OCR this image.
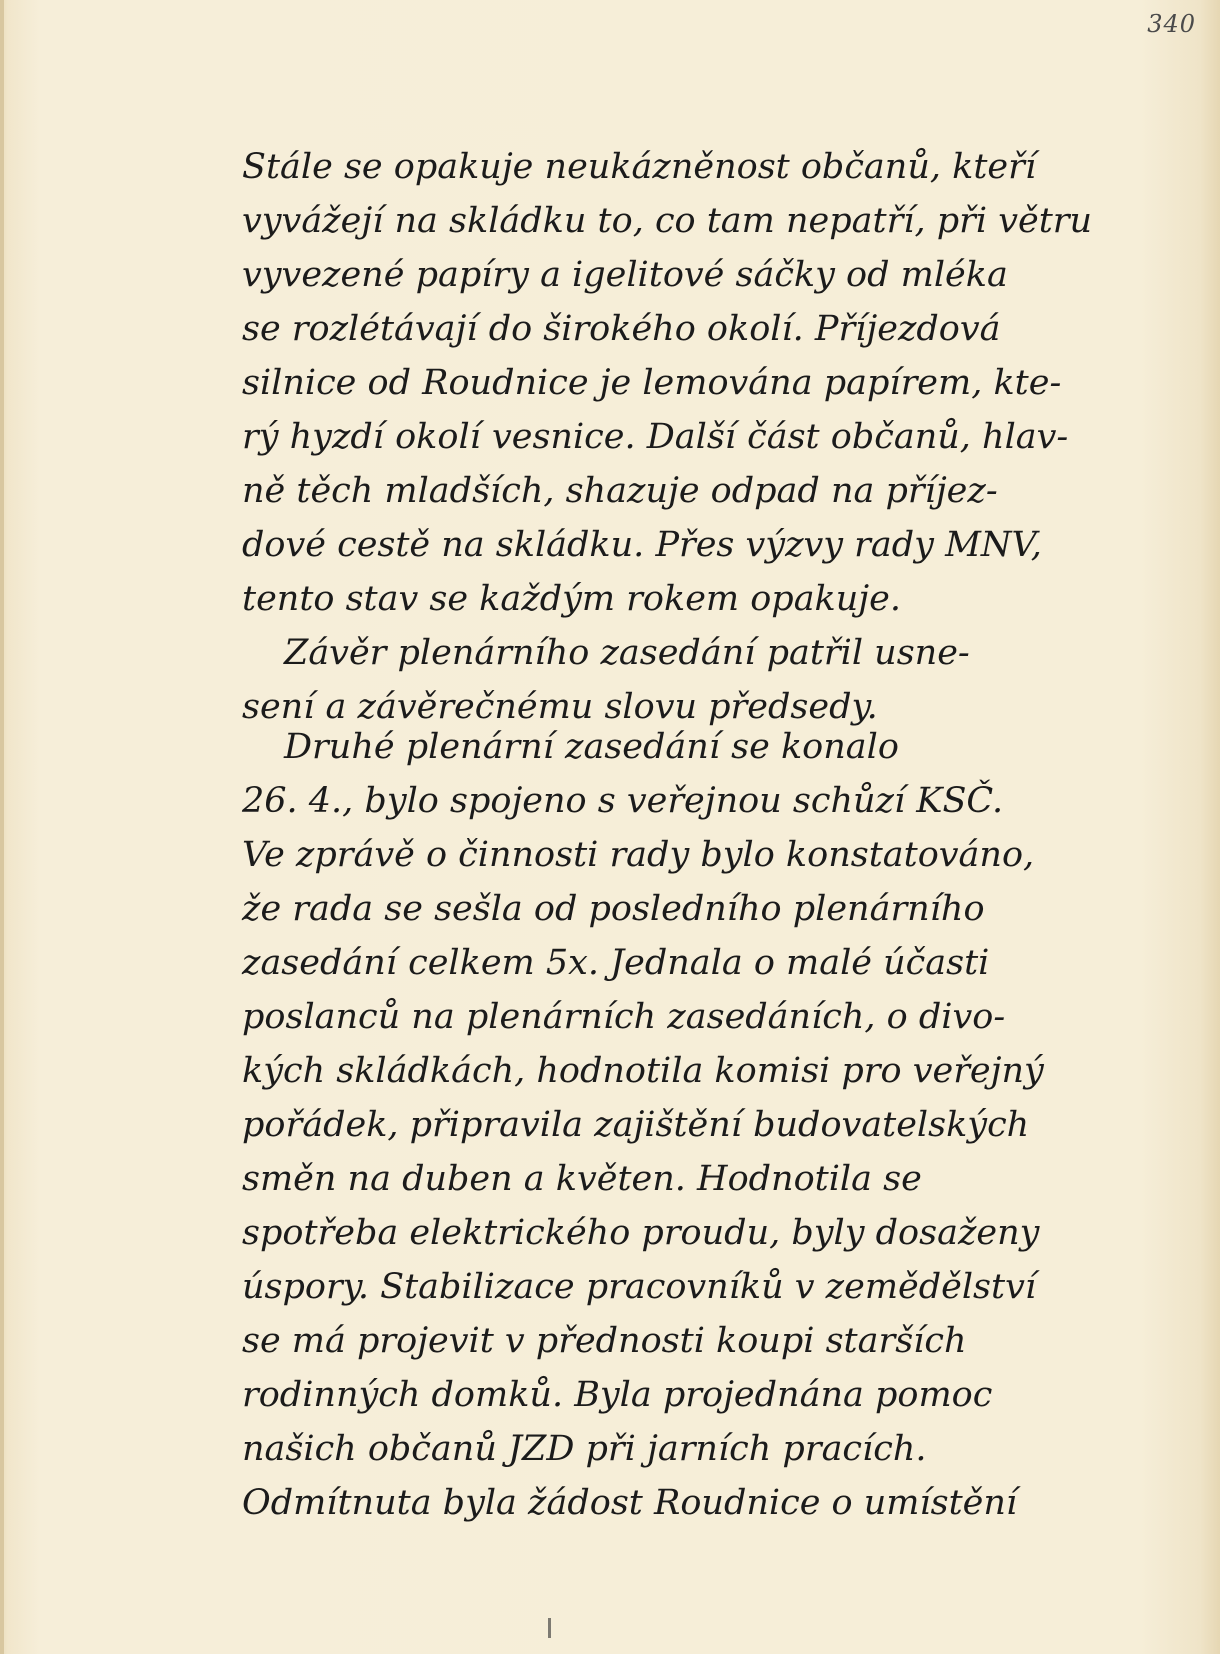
340
Stále se opakuje neukázněnost občanů, kteří
vyvážejí na skládku to, co tam nepatří, při větru
vyvezené papíry a igelitové sáčky od mléka
se rozlétávají do širokého okolí. Příjezdová
silnice od Roudnice je lemována papírem, kte-
rý hyzdí okolí vesnice. Další část občanů, hlav-
ně těch mladších, shazuje odpad na příjez-
dové cestě na skládku. Přes výzvy rady MNV,
tento stav se každým rokem opakuje.
Závěr plenárního zasedání patřil usne-
sení a závěrečnému slovu předsedy.
Druhé plenární zasedání se konalo
26. 4., bylo spojeno s veřejnou schůzí KSČ.
Ve zprávě o činnosti rady bylo konstatováno,
že rada se sešla od posledního plenárního
zasedání celkem 5x. Jednala o malé účasti
poslanců na plenárních zasedáních, o divo-
kých skládkách, hodnotila komisi pro veřejný
pořádek, připravila zajištění budovatelských
směn na duben a květen. Hodnotila se
spotřeba elektrického proudu, byly dosaženy
úspory. Stabilizace pracovníků v zemědělství
se má projevit v přednosti koupi starších
rodinných domků. Byla projednána pomoc
našich občanů JZD při jarních pracích.
Odmítnuta byla žádost Roudnice o umístění
